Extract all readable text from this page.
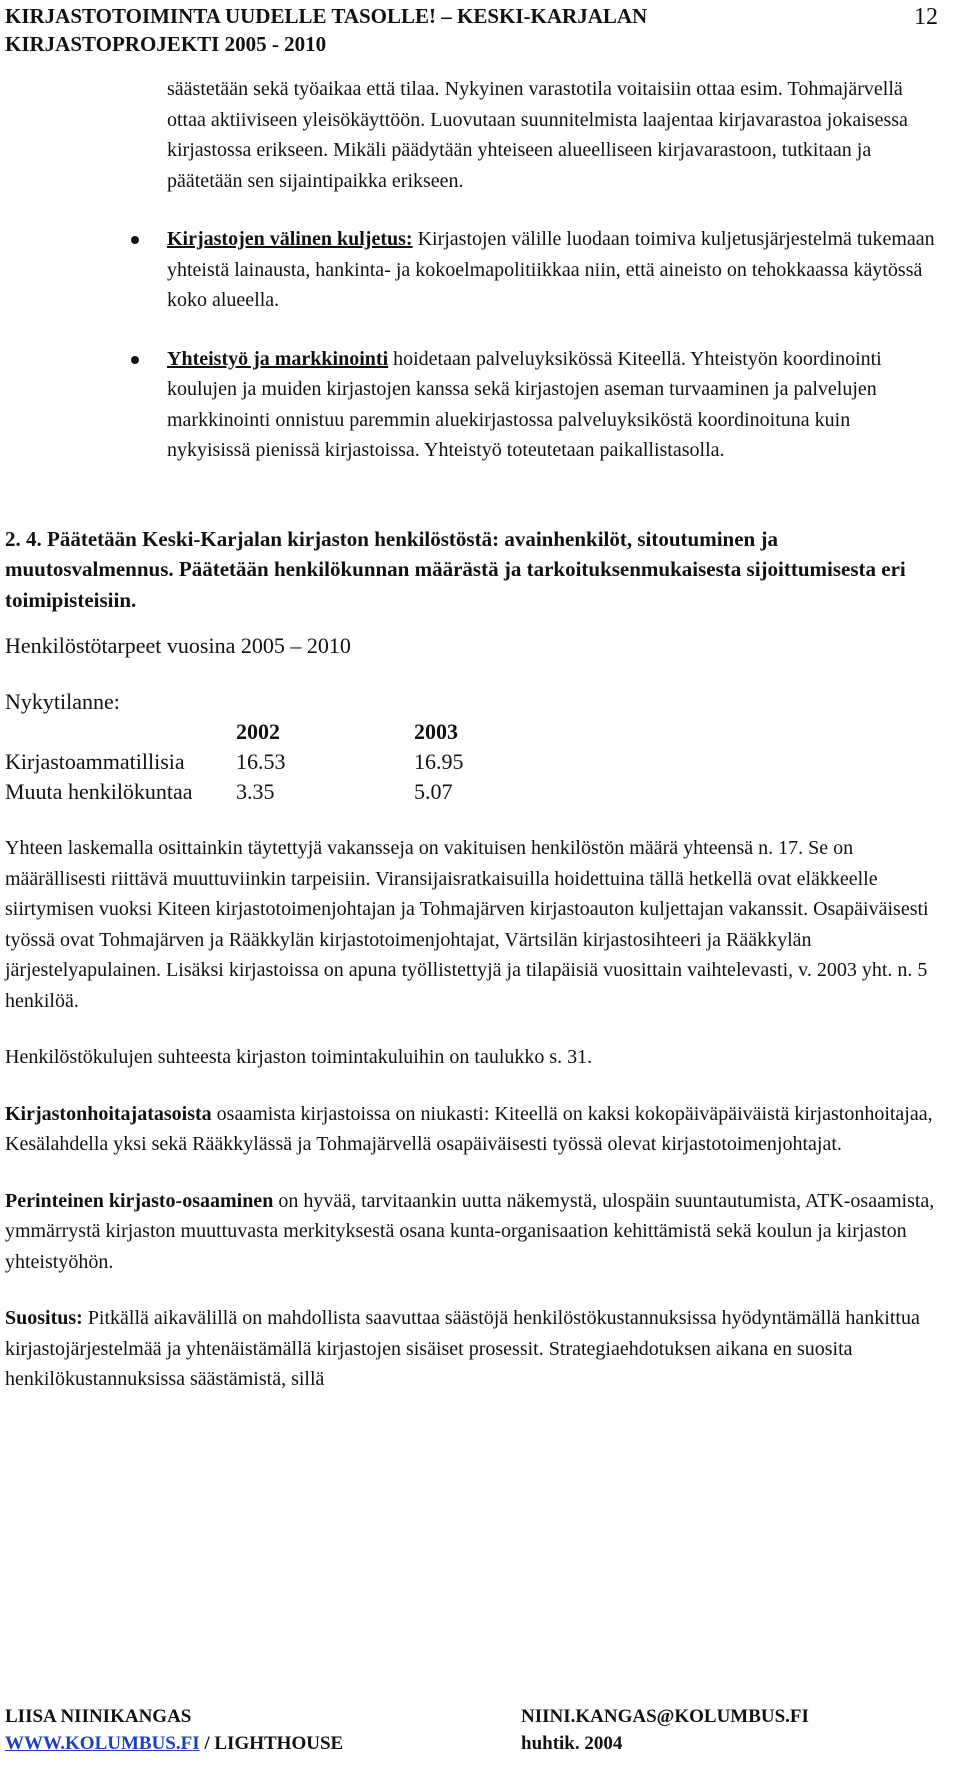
KIRJASTOTOIMINTA UUDELLE TASOLLE! – KESKI-KARJALAN
KIRJASTOPROJEKTI 2005 - 2010
12

säästetään sekä työaikaa että tilaa. Nykyinen varastotila voitaisiin ottaa esim. Tohmajärvellä ottaa aktiiviseen yleisökäyttöön. Luovutaan suunnitelmista laajentaa kirjavarastoa jokaisessa kirjastossa erikseen. Mikäli päädytään yhteiseen alueelliseen kirjavarastoon, tutkitaan ja päätetään sen sijaintipaikka erikseen.

Kirjastojen välinen kuljetus: Kirjastojen välille luodaan toimiva kuljetusjärjestelmä tukemaan yhteistä lainausta, hankinta- ja kokoelmapolitiikkaa niin, että aineisto on tehokkaassa käytössä koko alueella.
Yhteistyö ja markkinointi hoidetaan palveluyksikössä Kiteellä. Yhteistyön koordinointi koulujen ja muiden kirjastojen kanssa sekä kirjastojen aseman turvaaminen ja palvelujen markkinointi onnistuu paremmin aluekirjastossa palveluyksiköstä koordinoituna kuin nykyisissä pienissä kirjastoissa. Yhteistyö toteutetaan paikallistasolla.
2. 4. Päätetään Keski-Karjalan kirjaston henkilöstöstä: avainhenkilöt, sitoutuminen ja muutosvalmennus. Päätetään henkilökunnan määrästä ja tarkoituksenmukaisesta sijoittumisesta eri toimipisteisiin.
Henkilöstötarpeet vuosina 2005 – 2010
Nykytilanne:
	2002	2003
Kirjastoammatillisia	16.53	16.95
Muuta henkilökuntaa	3.35	5.07

Yhteen laskemalla osittainkin täytettyjä vakansseja on vakituisen henkilöstön määrä yhteensä n. 17. Se on määrällisesti riittävä muuttuviinkin tarpeisiin. Viransijaisratkaisuilla hoidettuina tällä hetkellä ovat eläkkeelle siirtymisen vuoksi Kiteen kirjastotoimenjohtajan ja Tohmajärven kirjastoauton kuljettajan vakanssit. Osapäiväisesti työssä ovat Tohmajärven ja Rääkkylän kirjastotoimenjohtajat, Värtsilän kirjastosihteeri ja Rääkkylän järjestelyapulainen. Lisäksi kirjastoissa on apuna työllistettyjä ja tilapäisiä vuosittain vaihtelevasti, v. 2003 yht. n. 5 henkilöä.

Henkilöstökulujen suhteesta kirjaston toimintakuluihin on taulukko s. 31.

Kirjastonhoitajatasoista osaamista kirjastoissa on niukasti: Kiteellä on kaksi kokopäiväpäiväistä kirjastonhoitajaa, Kesälahdella yksi sekä Rääkkylässä ja Tohmajärvellä osapäiväisesti työssä olevat kirjastotoimenjohtajat.

Perinteinen kirjasto-osaaminen on hyvää, tarvitaankin uutta näkemystä, ulospäin suuntautumista, ATK-osaamista, ymmärrystä kirjaston muuttuvasta merkityksestä osana kunta-organisaation kehittämistä sekä koulun ja kirjaston yhteistyöhön.

Suositus: Pitkällä aikavälillä on mahdollista saavuttaa säästöjä henkilöstökustannuksissa hyödyntämällä hankittua kirjastojärjestelmää ja yhtenäistämällä kirjastojen sisäiset prosessit. Strategiaehdotuksen aikana en suosita henkilökustannuksissa säästämistä, sillä

LIISA NIINIKANGAS	NIINI.KANGAS@KOLUMBUS.FI
WWW.KOLUMBUS.FI / LIGHTHOUSE	huhtik. 2004
